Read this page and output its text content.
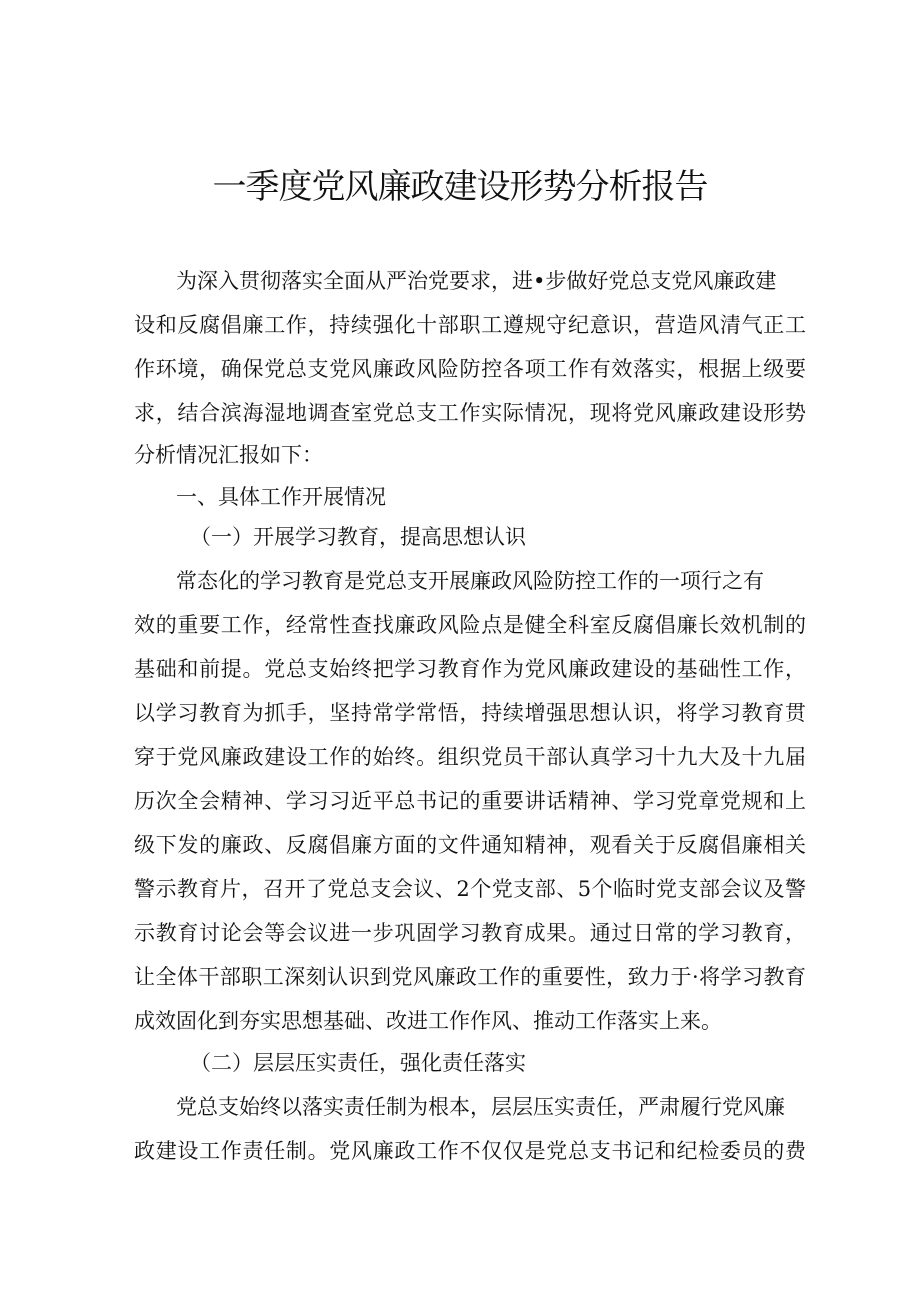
一季度党风廉政建设形势分析报告
为深入贯彻落实全面从严治党要求，进•步做好党总支党风廉政建
设和反腐倡廉工作，持续强化十部职工遵规守纪意识，营造风清气正工
作环境，确保党总支党风廉政风险防控各项工作有效落实，根据上级要
求，结合滨海湿地调查室党总支工作实际情况，现将党风廉政建设形势
分析情况汇报如下：
一、具体工作开展情况
（一）开展学习教育，提高思想认识
常态化的学习教育是党总支开展廉政风险防控工作的一项行之有
效的重要工作，经常性查找廉政风险点是健全科室反腐倡廉长效机制的
基础和前提。党总支始终把学习教育作为党风廉政建设的基础性工作，
以学习教育为抓手，坚持常学常悟，持续增强思想认识，将学习教育贯
穿于党风廉政建设工作的始终。组织党员干部认真学习十九大及十九届
历次全会精神、学习习近平总书记的重要讲话精神、学习党章党规和上
级下发的廉政、反腐倡廉方面的文件通知精神，观看关于反腐倡廉相关
警示教育片，召开了党总支会议、2个党支部、5个临时党支部会议及警
示教育讨论会等会议进一步巩固学习教育成果。通过日常的学习教育，
让全体干部职工深刻认识到党风廉政工作的重要性，致力于·将学习教育
成效固化到夯实思想基础、改进工作作风、推动工作落实上来。
（二）层层压实责任，强化责任落实
党总支始终以落实责任制为根本，层层压实责任，严肃履行党风廉
政建设工作责任制。党风廉政工作不仅仅是党总支书记和纪检委员的费
